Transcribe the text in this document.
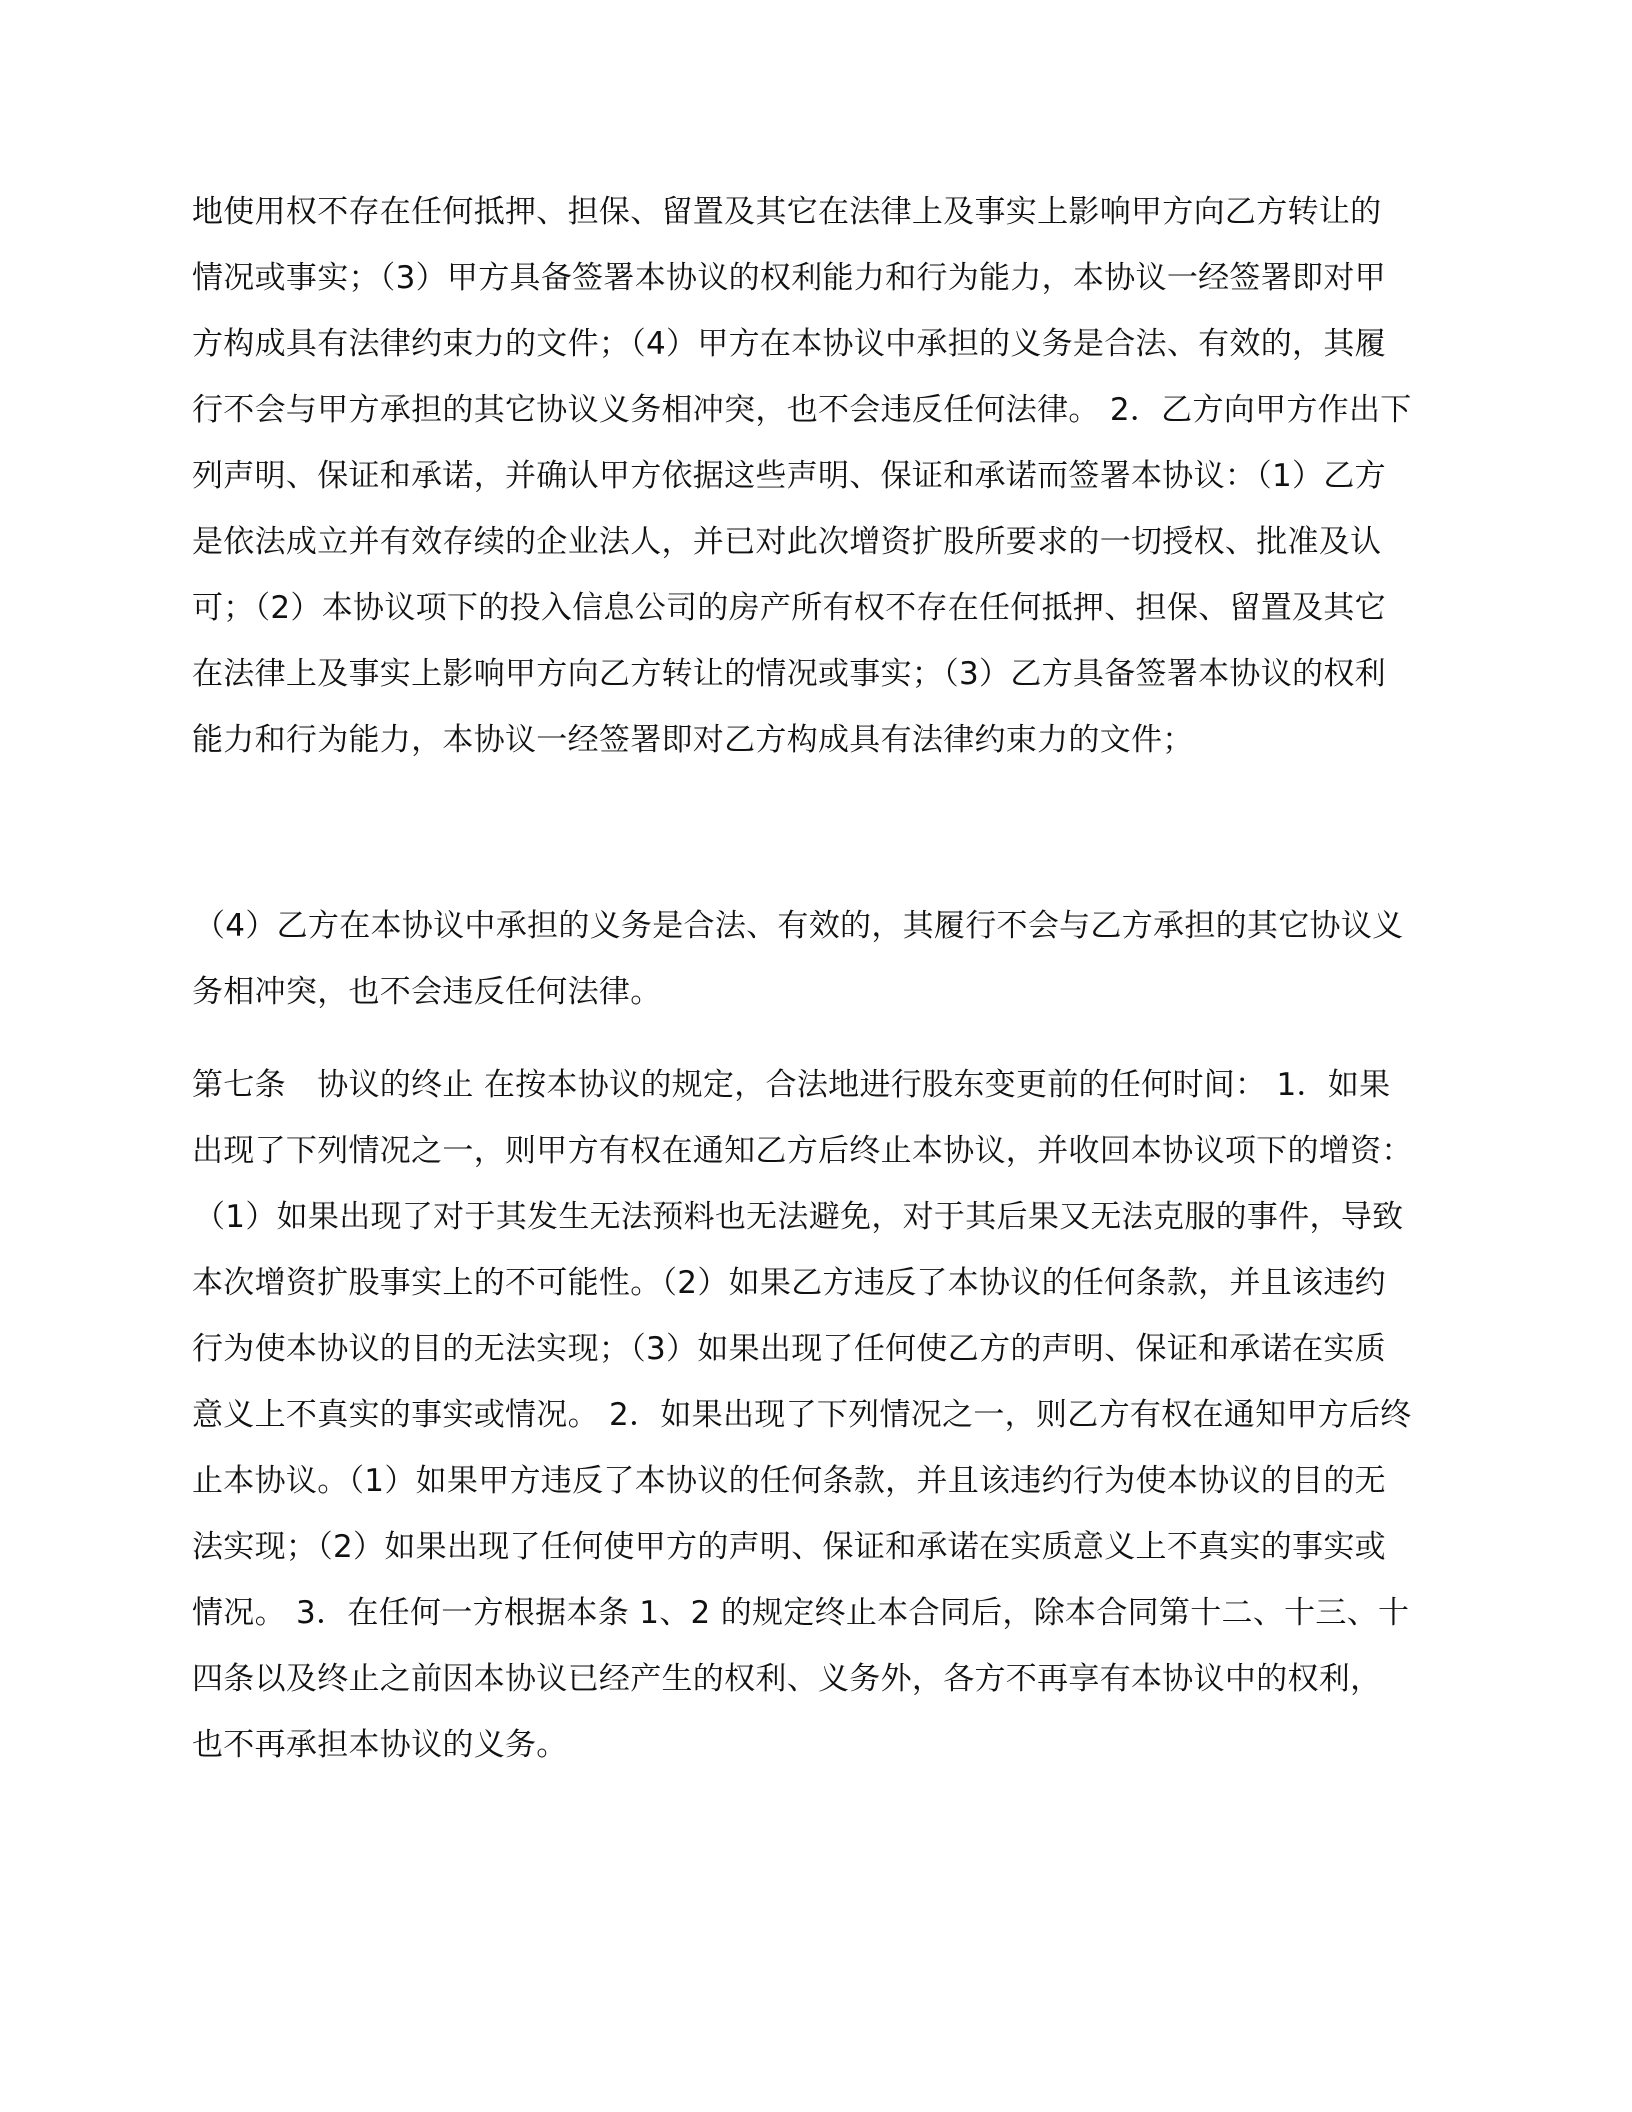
地使用权不存在任何抵押、担保、留置及其它在法律上及事实上影响甲方向乙方转让的

情况或事实；（3）甲方具备签署本协议的权利能力和行为能力，本协议一经签署即对甲

方构成具有法律约束力的文件；（4）甲方在本协议中承担的义务是合法、有效的，其履

行不会与甲方承担的其它协议义务相冲突，也不会违反任何法律。 2．乙方向甲方作出下

列声明、保证和承诺，并确认甲方依据这些声明、保证和承诺而签署本协议：（1）乙方

是依法成立并有效存续的企业法人，并已对此次增资扩股所要求的一切授权、批准及认

可；（2）本协议项下的投入信息公司的房产所有权不存在任何抵押、担保、留置及其它

在法律上及事实上影响甲方向乙方转让的情况或事实；（3）乙方具备签署本协议的权利

能力和行为能力，本协议一经签署即对乙方构成具有法律约束力的文件；

（4）乙方在本协议中承担的义务是合法、有效的，其履行不会与乙方承担的其它协议义

务相冲突，也不会违反任何法律。

第七条　协议的终止 在按本协议的规定，合法地进行股东变更前的任何时间： 1．如果

出现了下列情况之一，则甲方有权在通知乙方后终止本协议，并收回本协议项下的增资：

（1）如果出现了对于其发生无法预料也无法避免，对于其后果又无法克服的事件，导致

本次增资扩股事实上的不可能性。（2）如果乙方违反了本协议的任何条款，并且该违约

行为使本协议的目的无法实现；（3）如果出现了任何使乙方的声明、保证和承诺在实质

意义上不真实的事实或情况。 2．如果出现了下列情况之一，则乙方有权在通知甲方后终

止本协议。（1）如果甲方违反了本协议的任何条款，并且该违约行为使本协议的目的无

法实现；（2）如果出现了任何使甲方的声明、保证和承诺在实质意义上不真实的事实或

情况。 3．在任何一方根据本条 1、2 的规定终止本合同后，除本合同第十二、十三、十

四条以及终止之前因本协议已经产生的权利、义务外，各方不再享有本协议中的权利，

也不再承担本协议的义务。
